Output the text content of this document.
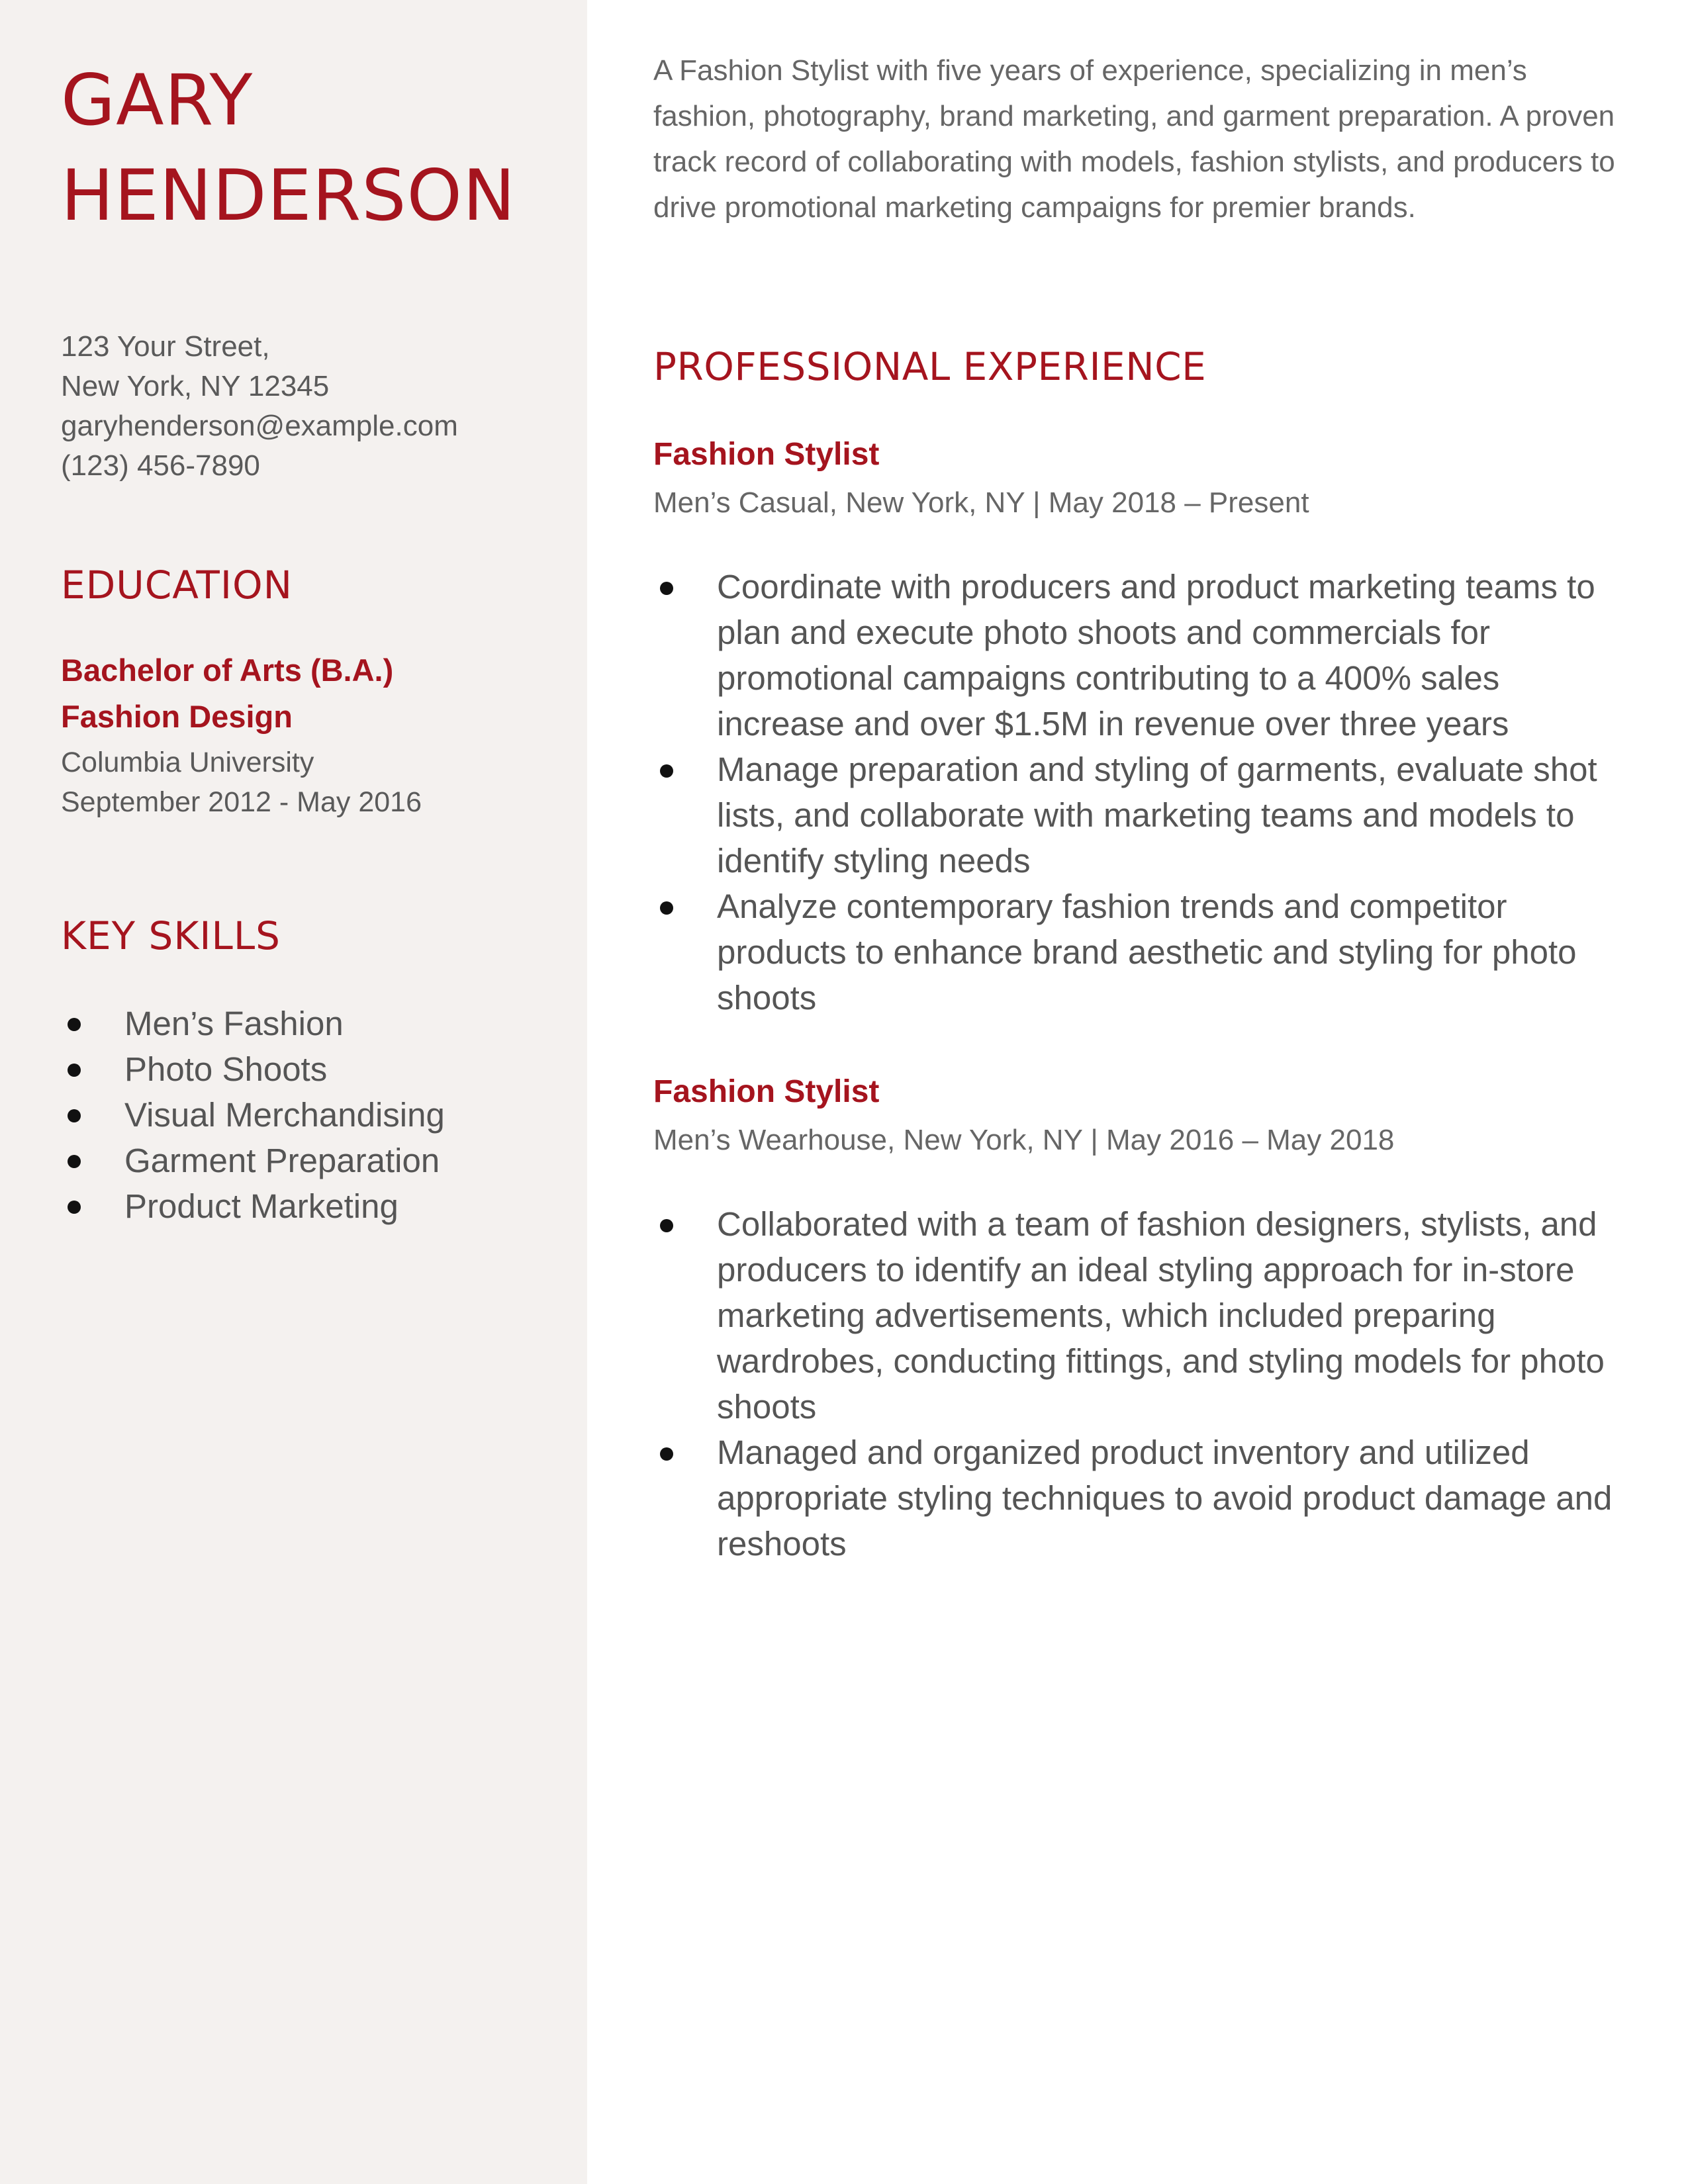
GARY
HENDERSON
123 Your Street,
New York, NY 12345
garyhenderson@example.com
(123) 456-7890
EDUCATION
Bachelor of Arts (B.A.)
Fashion Design
Columbia University
September 2012 - May 2016
KEY SKILLS
Men’s Fashion
Photo Shoots
Visual Merchandising
Garment Preparation
Product Marketing

A Fashion Stylist with five years of experience, specializing in men’s fashion, photography, brand marketing, and garment preparation. A proven track record of collaborating with models, fashion stylists, and producers to drive promotional marketing campaigns for premier brands.

PROFESSIONAL EXPERIENCE
Fashion Stylist
Men’s Casual, New York, NY | May 2018 – Present
Coordinate with producers and product marketing teams to plan and execute photo shoots and commercials for promotional campaigns contributing to a 400% sales increase and over $1.5M in revenue over three years
Manage preparation and styling of garments, evaluate shot lists, and collaborate with marketing teams and models to identify styling needs
Analyze contemporary fashion trends and competitor products to enhance brand aesthetic and styling for photo shoots
Fashion Stylist
Men’s Wearhouse, New York, NY | May 2016 – May 2018
Collaborated with a team of fashion designers, stylists, and producers to identify an ideal styling approach for in-store marketing advertisements, which included preparing wardrobes, conducting fittings, and styling models for photo shoots
Managed and organized product inventory and utilized appropriate styling techniques to avoid product damage and reshoots
